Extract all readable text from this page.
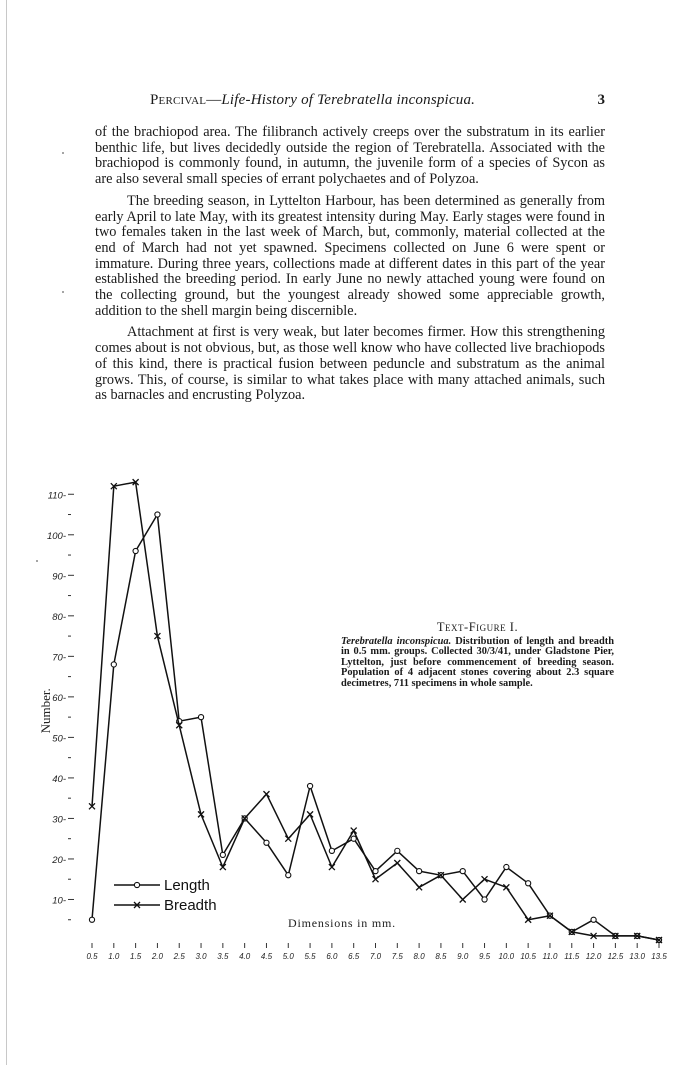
Percival—Life-History of Terebratella inconspicua.	3

of the brachiopod area. The filibranch actively creeps over the substratum in its earlier benthic life, but lives decidedly outside the region of Terebratella. Associated with the brachiopod is commonly found, in autumn, the juvenile form of a species of Sycon as are also several small species of errant polychaetes and of Polyzoa.

The breeding season, in Lyttelton Harbour, has been determined as generally from early April to late May, with its greatest intensity during May. Early stages were found in two females taken in the last week of March, but, commonly, material collected at the end of March had not yet spawned. Specimens collected on June 6 were spent or immature. During three years, collections made at different dates in this part of the year established the breeding period. In early June no newly attached young were found on the collecting ground, but the youngest already showed some appreciable growth, addition to the shell margin being discernible.

Attachment at first is very weak, but later becomes firmer. How this strengthening comes about is not obvious, but, as those well know who have collected live brachiopods of this kind, there is practical fusion between peduncle and substratum as the animal grows. This, of course, is similar to what takes place with many attached animals, such as barnacles and encrusting Polyzoa.

10-
20-
30-
40-
50-
60-
70-
80-
90-
100-
110-
Number.
0.5 1.0 1.5 2.0 2.5 3.0 3.5 4.0 4.5 5.0 5.5 6.0 6.5 7.0 7.5 8.0 8.5 9.0 9.5 10.0 10.5 11.0 11.5 12.0 12.5 13.0 13.5
Dimensions in mm.
Length
Breadth
Text-Figure I.

Terebratella inconspicua. Distribution of length and breadth in 0.5 mm. groups. Collected 30/3/41, under Gladstone Pier, Lyttelton, just before commencement of breeding season. Population of 4 adjacent stones covering about 2.3 square decimetres, 711 specimens in whole sample.
